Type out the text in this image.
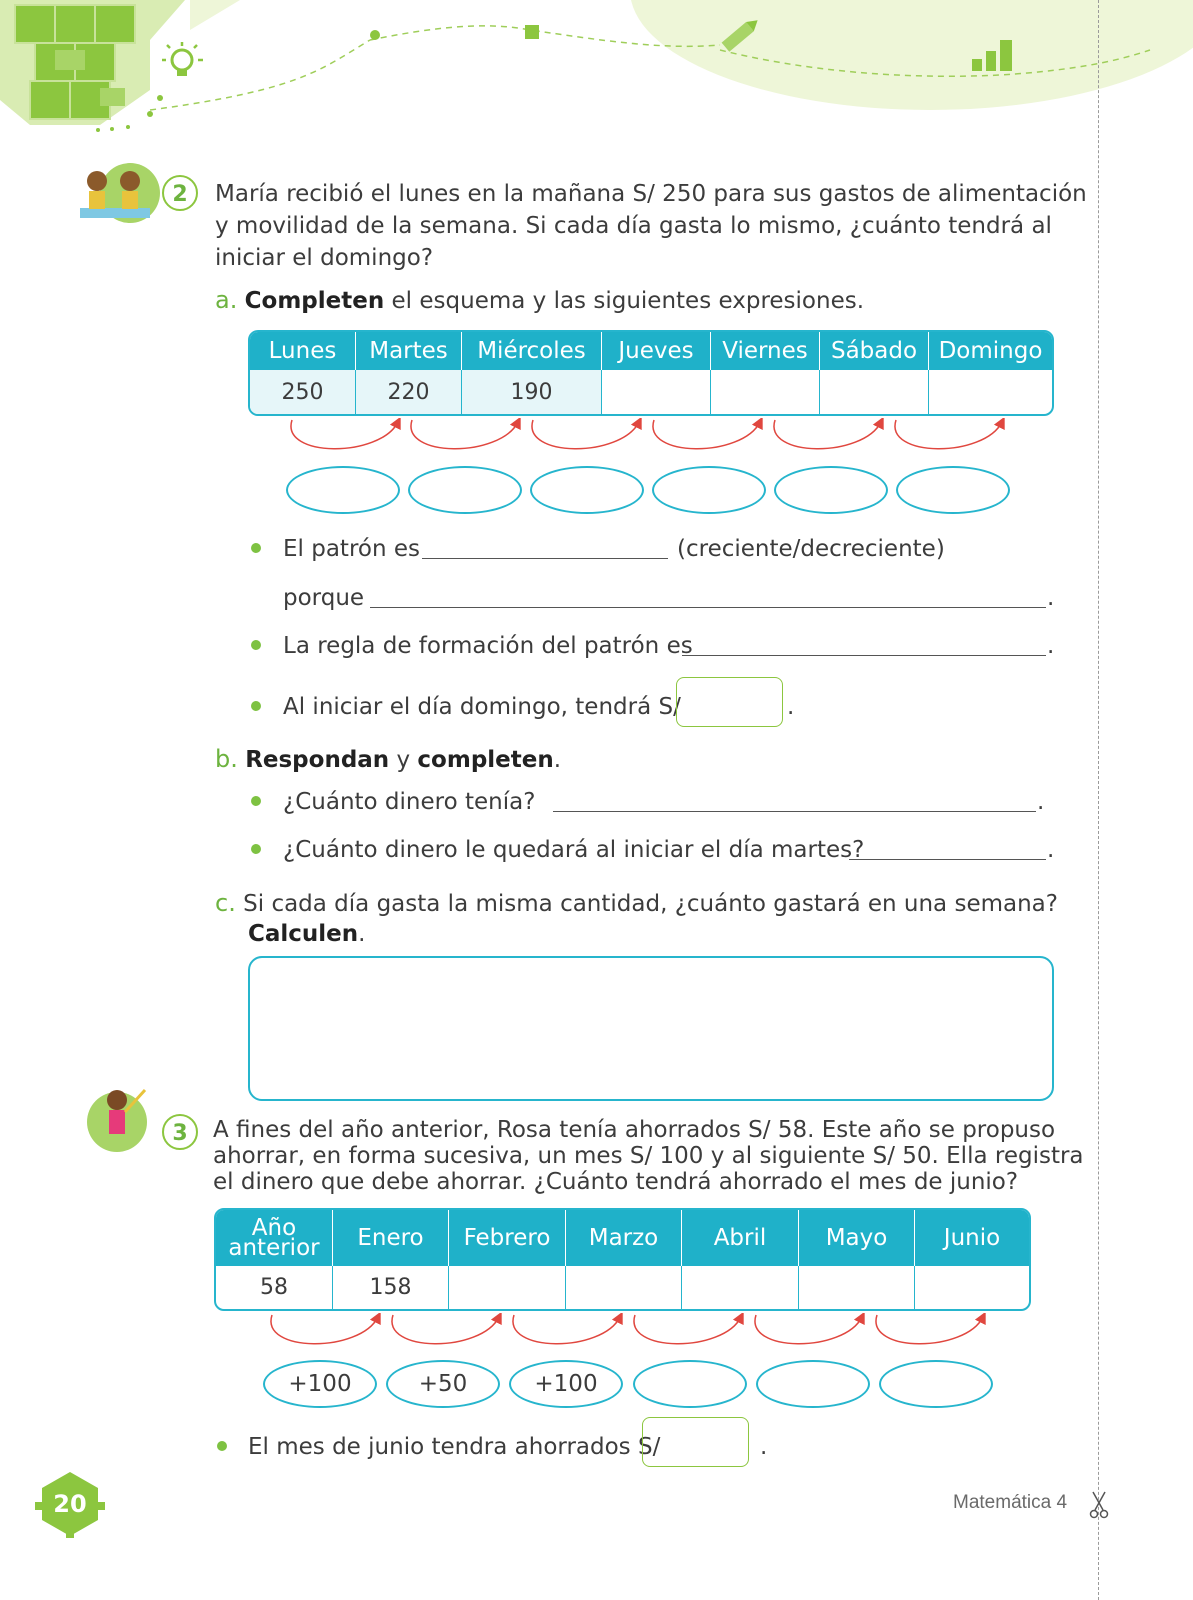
2	María recibió el lunes en la mañana S/ 250 para sus gastos de alimentación
y movilidad de la semana. Si cada día gasta lo mismo, ¿cuánto tendrá al
iniciar el domingo?
a. Completen el esquema y las siguientes expresiones.
Lunes	Martes	Miércoles	Jueves	Viernes	Sábado Domingo
250	220	190
El patrón es	(creciente/decreciente)
porque	.
La regla de formación del patrón es	.
Al iniciar el día domingo, tendrá S/	.
b. Respondan y completen.
¿Cuánto dinero tenía?	.
¿Cuánto dinero le quedará al iniciar el día martes?	.
c. Si cada día gasta la misma cantidad, ¿cuánto gastará en una semana?
Calculen.
3	A fines del año anterior, Rosa tenía ahorrados S/ 58. Este año se propuso
ahorrar, en forma sucesiva, un mes S/ 100 y al siguiente S/ 50. Ella registra
el dinero que debe ahorrar. ¿Cuánto tendrá ahorrado el mes de junio?
Año
anterior	Enero	Febrero	Marzo	Abril	Mayo	Junio
58	158
+100	+50	+100
El mes de junio tendra ahorrados S/	.
20	Matemática 4
